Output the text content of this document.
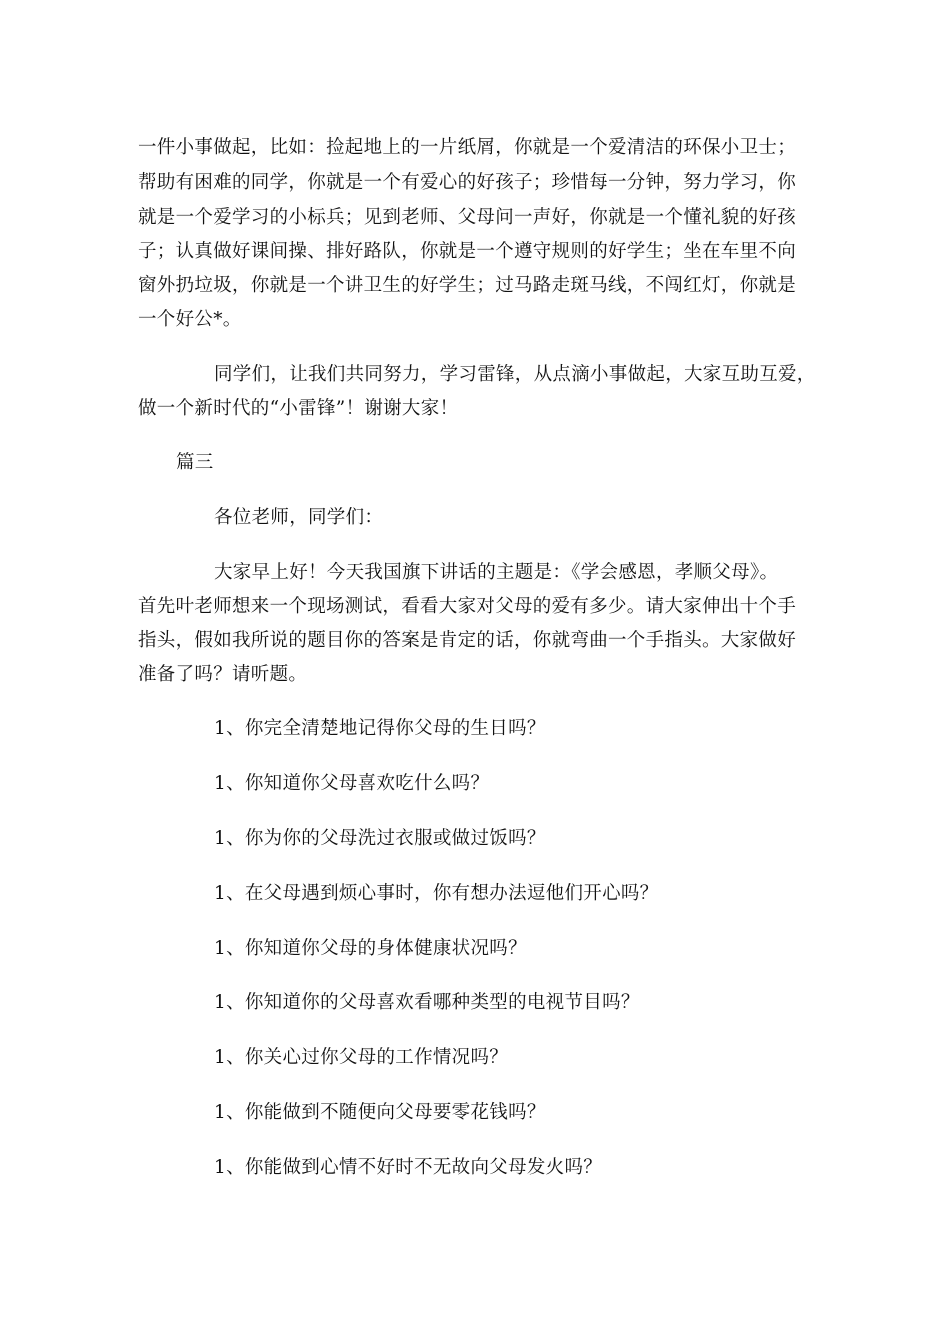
一件小事做起，比如：捡起地上的一片纸屑，你就是一个爱清洁的环保小卫士；
帮助有困难的同学，你就是一个有爱心的好孩子；珍惜每一分钟，努力学习，你
就是一个爱学习的小标兵；见到老师、父母问一声好，你就是一个懂礼貌的好孩
子；认真做好课间操、排好路队，你就是一个遵守规则的好学生；坐在车里不向
窗外扔垃圾，你就是一个讲卫生的好学生；过马路走斑马线，不闯红灯，你就是
一个好公*。
同学们，让我们共同努力，学习雷锋，从点滴小事做起，大家互助互爱，
做一个新时代的“小雷锋”！谢谢大家！
篇三
各位老师，同学们：
大家早上好！今天我国旗下讲话的主题是：《学会感恩，孝顺父母》。
首先叶老师想来一个现场测试，看看大家对父母的爱有多少。请大家伸出十个手
指头，假如我所说的题目你的答案是肯定的话，你就弯曲一个手指头。大家做好
准备了吗？请听题。
1、你完全清楚地记得你父母的生日吗？
1、你知道你父母喜欢吃什么吗？
1、你为你的父母洗过衣服或做过饭吗？
1、在父母遇到烦心事时，你有想办法逗他们开心吗？
1、你知道你父母的身体健康状况吗？
1、你知道你的父母喜欢看哪种类型的电视节目吗？
1、你关心过你父母的工作情况吗？
1、你能做到不随便向父母要零花钱吗？
1、你能做到心情不好时不无故向父母发火吗？
